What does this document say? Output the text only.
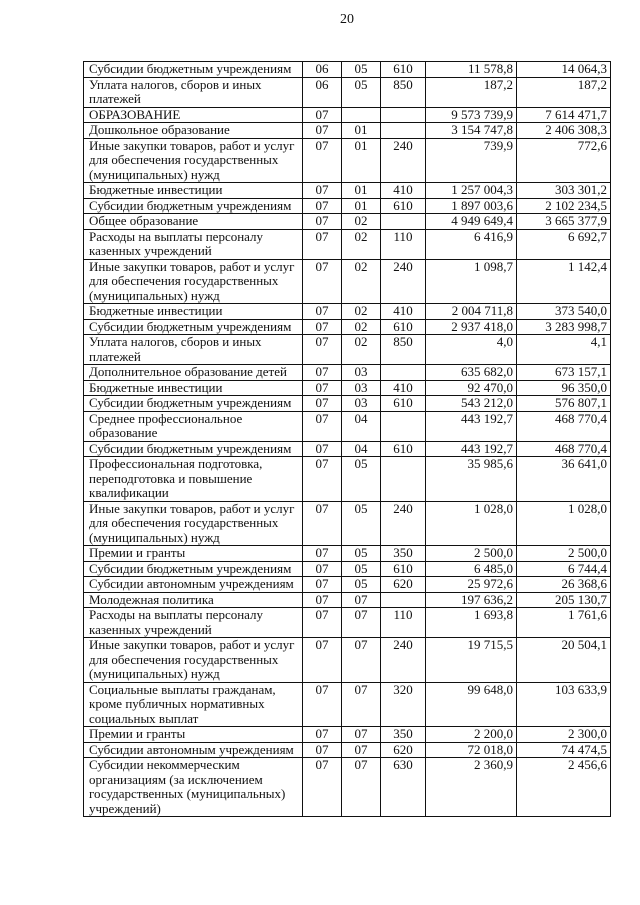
20
Субсидии бюджетным учреждениям	06	05	610	11 578,8	14 064,3
Уплата налогов, сборов и иных
платежей	06	05	850	187,2	187,2
ОБРАЗОВАНИЕ	07			9 573 739,9	7 614 471,7
Дошкольное образование	07	01		3 154 747,8	2 406 308,3
Иные закупки товаров, работ и услуг
для обеспечения государственных
(муниципальных) нужд	07	01	240	739,9	772,6
Бюджетные инвестиции	07	01	410	1 257 004,3	303 301,2
Субсидии бюджетным учреждениям	07	01	610	1 897 003,6	2 102 234,5
Общее образование	07	02		4 949 649,4	3 665 377,9
Расходы на выплаты персоналу
казенных учреждений	07	02	110	6 416,9	6 692,7
Иные закупки товаров, работ и услуг
для обеспечения государственных
(муниципальных) нужд	07	02	240	1 098,7	1 142,4
Бюджетные инвестиции	07	02	410	2 004 711,8	373 540,0
Субсидии бюджетным учреждениям	07	02	610	2 937 418,0	3 283 998,7
Уплата налогов, сборов и иных
платежей	07	02	850	4,0	4,1
Дополнительное образование детей	07	03		635 682,0	673 157,1
Бюджетные инвестиции	07	03	410	92 470,0	96 350,0
Субсидии бюджетным учреждениям	07	03	610	543 212,0	576 807,1
Среднее профессиональное
образование	07	04		443 192,7	468 770,4
Субсидии бюджетным учреждениям	07	04	610	443 192,7	468 770,4
Профессиональная подготовка,
переподготовка и повышение
квалификации	07	05		35 985,6	36 641,0
Иные закупки товаров, работ и услуг
для обеспечения государственных
(муниципальных) нужд	07	05	240	1 028,0	1 028,0
Премии и гранты	07	05	350	2 500,0	2 500,0
Субсидии бюджетным учреждениям	07	05	610	6 485,0	6 744,4
Субсидии автономным учреждениям	07	05	620	25 972,6	26 368,6
Молодежная политика	07	07		197 636,2	205 130,7
Расходы на выплаты персоналу
казенных учреждений	07	07	110	1 693,8	1 761,6
Иные закупки товаров, работ и услуг
для обеспечения государственных
(муниципальных) нужд	07	07	240	19 715,5	20 504,1
Социальные выплаты гражданам,
кроме публичных нормативных
социальных выплат	07	07	320	99 648,0	103 633,9
Премии и гранты	07	07	350	2 200,0	2 300,0
Субсидии автономным учреждениям	07	07	620	72 018,0	74 474,5
Субсидии некоммерческим
организациям (за исключением
государственных (муниципальных)
учреждений)	07	07	630	2 360,9	2 456,6
